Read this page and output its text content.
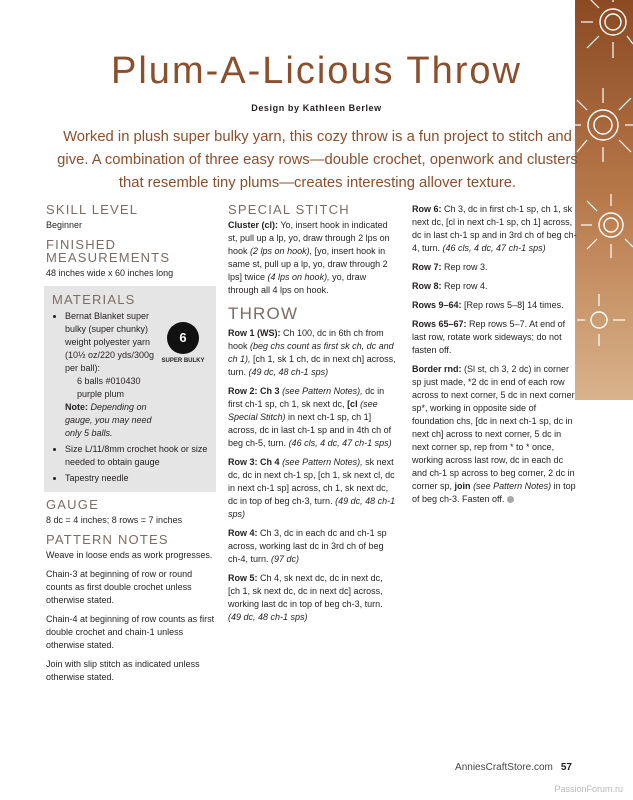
Plum-A-Licious Throw
Design by Kathleen Berlew

Worked in plush super bulky yarn, this cozy throw is a fun project to stitch and give. A combination of three easy rows—double crochet, openwork and clusters that resemble tiny plums—creates interesting allover texture.

SKILL LEVEL

Beginner

FINISHED MEASUREMENTS

48 inches wide x 60 inches long

MATERIALS
6
SUPER BULKY
• Bernat Blanket super bulky (super chunky) weight polyester yarn (10½ oz/220 yds/300g per ball):
6 balls #010430 purple plum
Note: Depending on gauge, you may need only 5 balls.
• Size L/11/8mm crochet hook or size needed to obtain gauge
• Tapestry needle
GAUGE

8 dc = 4 inches; 8 rows = 7 inches

PATTERN NOTES

Weave in loose ends as work progresses.

Chain-3 at beginning of row or round counts as first double crochet unless otherwise stated.

Chain-4 at beginning of row counts as first double crochet and chain-1 unless otherwise stated.

Join with slip stitch as indicated unless otherwise stated.

SPECIAL STITCH

Cluster (cl): Yo, insert hook in indicated st, pull up a lp, yo, draw through 2 lps on hook (2 lps on hook), [yo, insert hook in same st, pull up a lp, yo, draw through 2 lps] twice (4 lps on hook), yo, draw through all 4 lps on hook.

THROW

Row 1 (WS): Ch 100, dc in 6th ch from hook (beg chs count as first sk ch, dc and ch 1), [ch 1, sk 1 ch, dc in next ch] across, turn. (49 dc, 48 ch-1 sps)

Row 2: Ch 3 (see Pattern Notes), dc in first ch-1 sp, ch 1, sk next dc, [cl (see Special Stitch) in next ch-1 sp, ch 1] across, dc in last ch-1 sp and in 4th ch of beg ch-5, turn. (46 cls, 4 dc, 47 ch-1 sps)

Row 3: Ch 4 (see Pattern Notes), sk next dc, dc in next ch-1 sp, [ch 1, sk next cl, dc in next ch-1 sp] across, ch 1, sk next dc, dc in top of beg ch-3, turn. (49 dc, 48 ch-1 sps)

Row 4: Ch 3, dc in each dc and ch-1 sp across, working last dc in 3rd ch of beg ch-4, turn. (97 dc)

Row 5: Ch 4, sk next dc, dc in next dc, [ch 1, sk next dc, dc in next dc] across, working last dc in top of beg ch-3, turn. (49 dc, 48 ch-1 sps)

Row 6: Ch 3, dc in first ch-1 sp, ch 1, sk next dc, [cl in next ch-1 sp, ch 1] across, dc in last ch-1 sp and in 3rd ch of beg ch-4, turn. (46 cls, 4 dc, 47 ch-1 sps)

Row 7: Rep row 3.

Row 8: Rep row 4.

Rows 9–64: [Rep rows 5–8] 14 times.

Rows 65–67: Rep rows 5–7. At end of last row, rotate work sideways; do not fasten off.

Border rnd: (Sl st, ch 3, 2 dc) in corner sp just made, *2 dc in end of each row across to next corner, 5 dc in next corner sp*, working in opposite side of foundation chs, [dc in next ch-1 sp, dc in next ch] across to next corner, 5 dc in next corner sp, rep from * to * once, working across last row, dc in each dc and ch-1 sp across to beg corner, 2 dc in corner sp, join (see Pattern Notes) in top of beg ch-3. Fasten off.

AnniesCraftStore.com 57
PassionForum.ru
